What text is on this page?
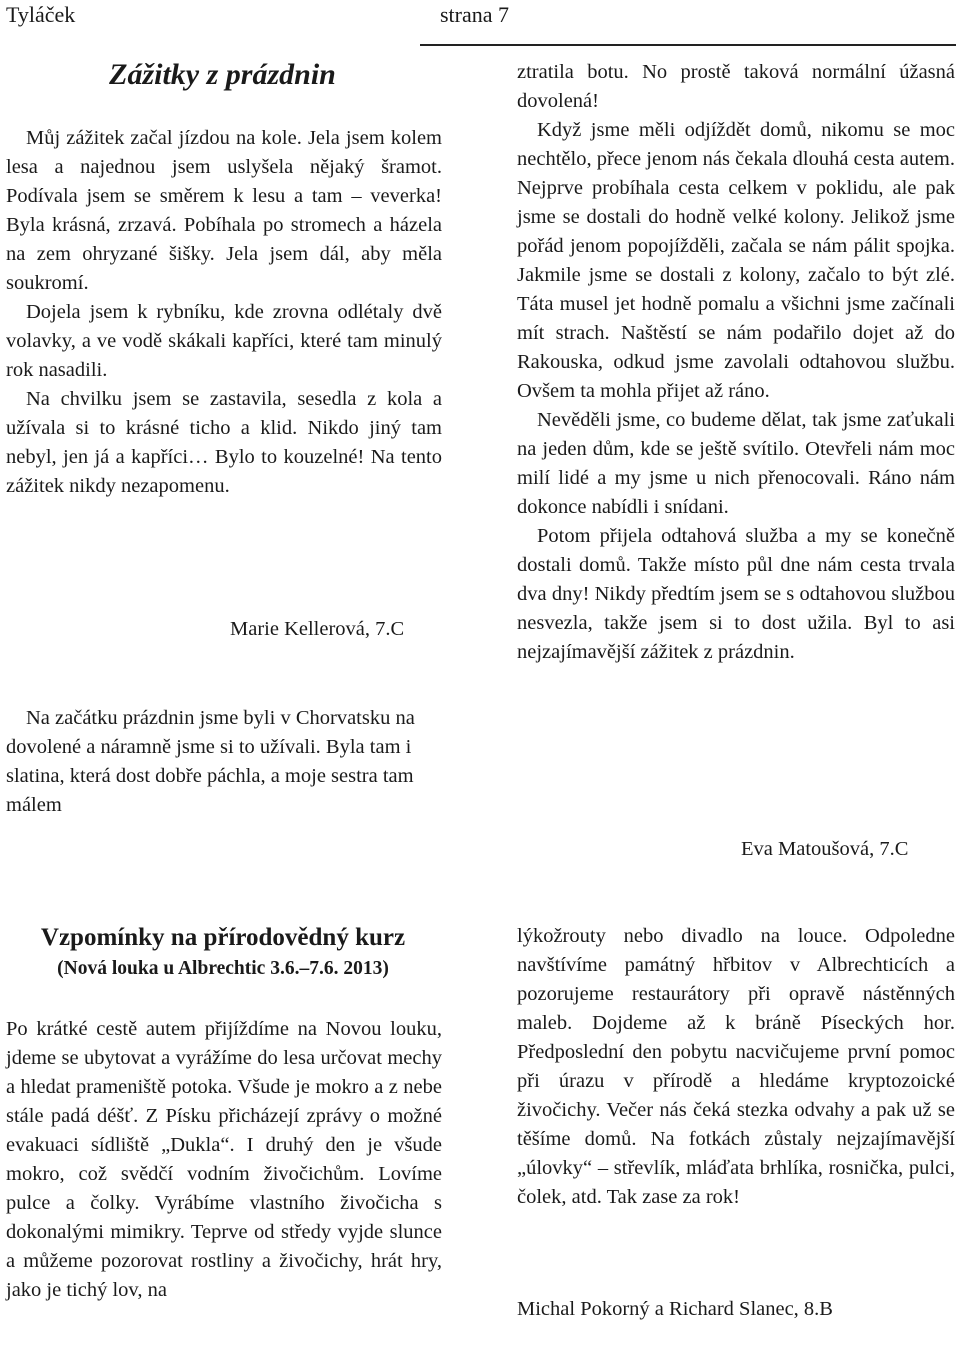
Tyláček	strana 7
Zážitky z prázdnin

Můj zážitek začal jízdou na kole. Jela jsem kolem lesa a najednou jsem uslyšela nějaký šramot. Podívala jsem se směrem k lesu a tam – veverka! Byla krásná, zrzavá. Pobíhala po stromech a házela na zem ohryzané šišky. Jela jsem dál, aby měla soukromí.

Dojela jsem k rybníku, kde zrovna odlétaly dvě volavky, a ve vodě skákali kapříci, které tam minulý rok nasadili.

Na chvilku jsem se zastavila, sesedla z kola a užívala si to krásné ticho a klid. Nikdo jiný tam nebyl, jen já a kapříci… Bylo to kouzelné! Na tento zážitek nikdy nezapomenu.

Marie Kellerová, 7.C

Na začátku prázdnin jsme byli v Chorvatsku na dovolené a náramně jsme si to užívali. Byla tam i slatina, která dost dobře páchla, a moje sestra tam málem

ztratila botu. No prostě taková normální úžasná dovolená!

Když jsme měli odjíždět domů, nikomu se moc nechtělo, přece jenom nás čekala dlouhá cesta autem. Nejprve probíhala cesta celkem v poklidu, ale pak jsme se dostali do hodně velké kolony. Jelikož jsme pořád jenom popojížděli, začala se nám pálit spojka. Jakmile jsme se dostali z kolony, začalo to být zlé. Táta musel jet hodně pomalu a všichni jsme začínali mít strach. Naštěstí se nám podařilo dojet až do Rakouska, odkud jsme zavolali odtahovou službu. Ovšem ta mohla přijet až ráno.

Nevěděli jsme, co budeme dělat, tak jsme zaťukali na jeden dům, kde se ještě svítilo. Otevřeli nám moc milí lidé a my jsme u nich přenocovali. Ráno nám dokonce nabídli i snídani.

Potom přijela odtahová služba a my se konečně dostali domů. Takže místo půl dne nám cesta trvala dva dny! Nikdy předtím jsem se s odtahovou službou nesvezla, takže jsem si to dost užila. Byl to asi nejzajímavější zážitek z prázdnin.

Eva Matoušová, 7.C
Vzpomínky na přírodovědný kurz
(Nová louka u Albrechtic 3.6.–7.6. 2013)

Po krátké cestě autem přijíždíme na Novou louku, jdeme se ubytovat a vyrážíme do lesa určovat mechy a hledat prameniště potoka. Všude je mokro a z nebe stále padá déšť. Z Písku přicházejí zprávy o možné evakuaci sídliště „Dukla“. I druhý den je všude mokro, což svědčí vodním živočichům. Lovíme pulce a čolky. Vyrábíme vlastního živočicha s dokonalými mimikry. Teprve od středy vyjde slunce a můžeme pozorovat rostliny a živočichy, hrát hry, jako je tichý lov, na

lýkožrouty nebo divadlo na louce. Odpoledne navštívíme památný hřbitov v Albrechticích a pozorujeme restaurátory při opravě nástěnných maleb. Dojdeme až k bráně Píseckých hor. Předposlední den pobytu nacvičujeme první pomoc při úrazu v přírodě a hledáme kryptozoické živočichy. Večer nás čeká stezka odvahy a pak už se těšíme domů. Na fotkách zůstaly nejzajímavější „úlovky“ – střevlík, mláďata brhlíka, rosnička, pulci, čolek, atd. Tak zase za rok!

Michal Pokorný a Richard Slanec, 8.B
